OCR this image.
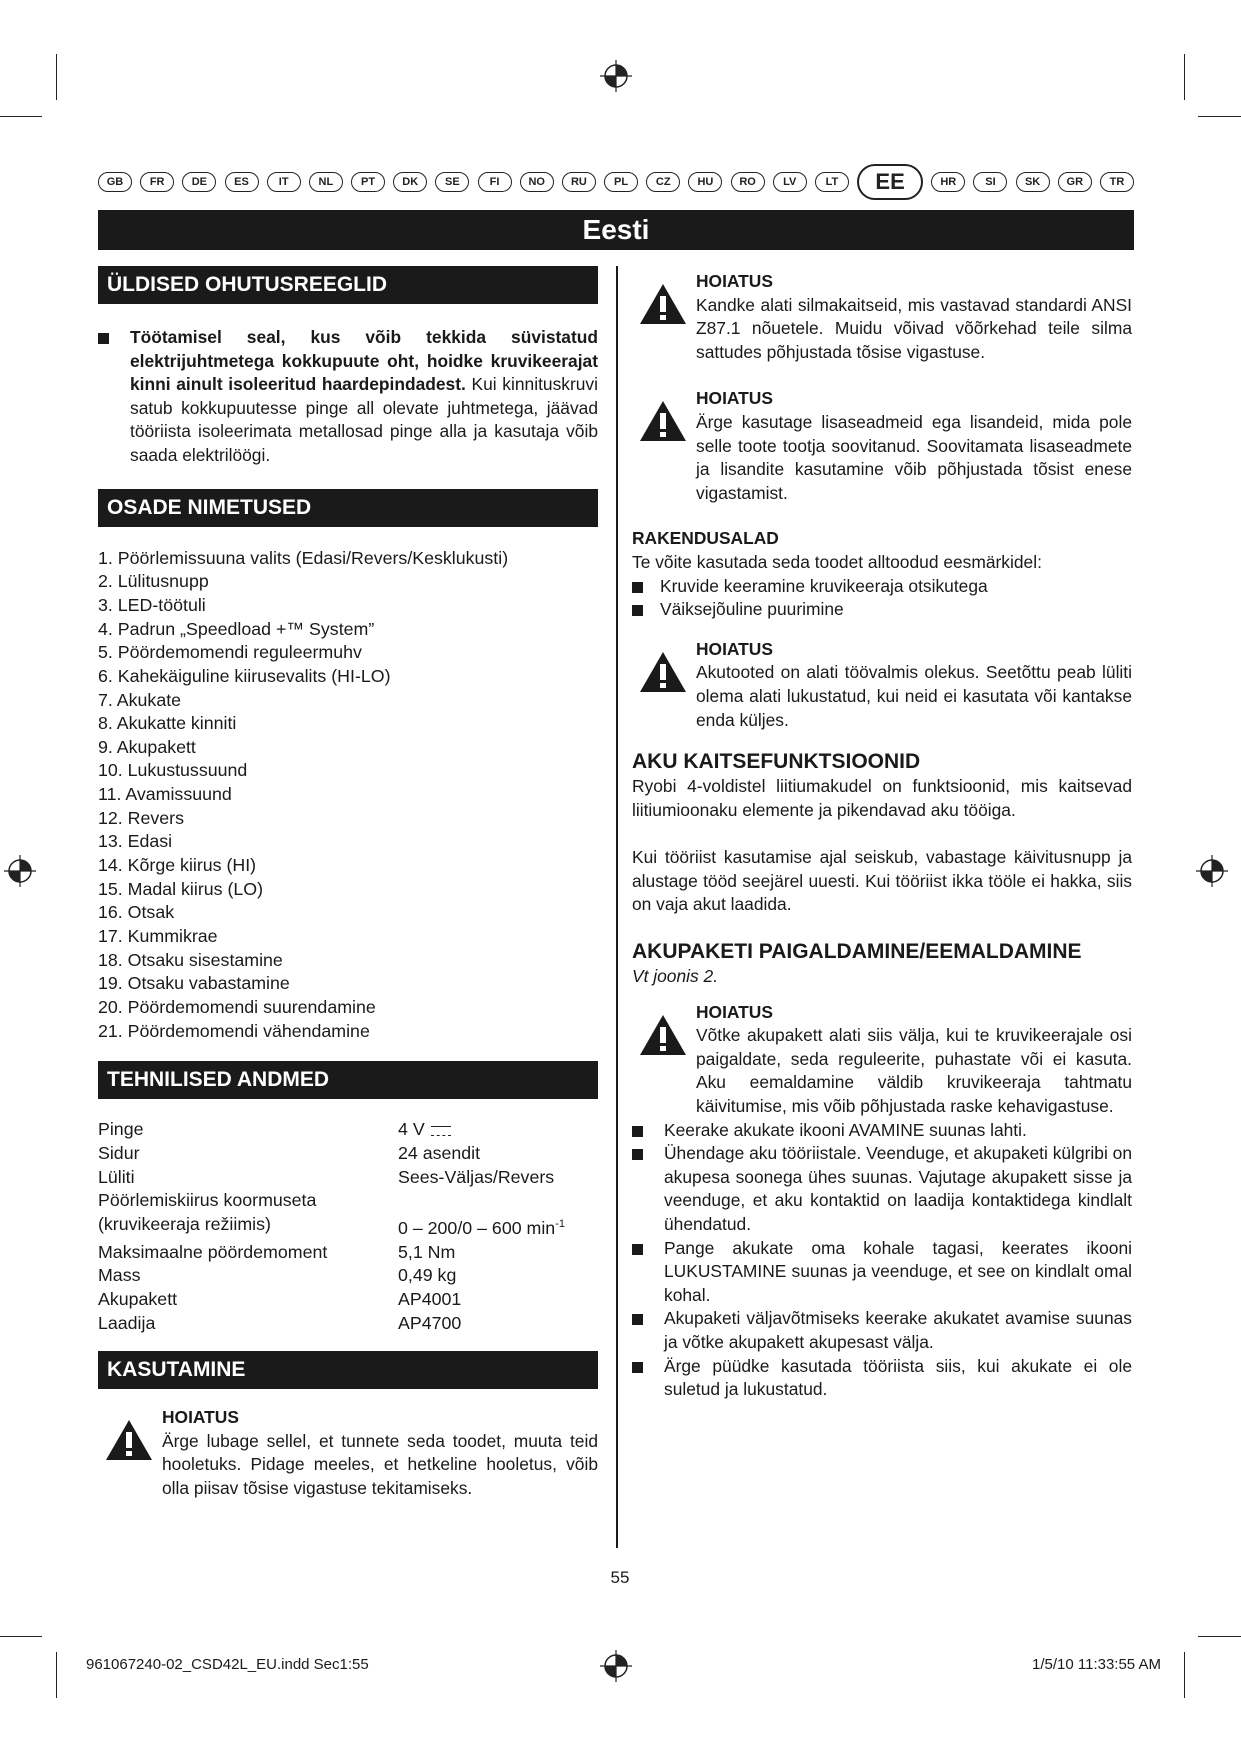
GB	FR	DE	ES	IT	NL	PT	DK	SE	FI	NO	RU	PL	CZ	HU	RO	LV	LT	EE	HR	SI	SK	GR	TR
Eesti
ÜLDISED OHUTUSREEGLID
Töötamisel seal, kus võib tekkida süvistatud elektrijuhtmetega kokkupuute oht, hoidke kruvikeerajat kinni ainult isoleeritud haardepindadest. Kui kinnituskruvi satub kokkupuutesse pinge all olevate juhtmetega, jäävad tööriista isoleerimata metallosad pinge alla ja kasutaja võib saada elektrilöögi.
OSADE NIMETUSED
1. Pöörlemissuuna valits (Edasi/Revers/Kesklukusti)
2. Lülitusnupp
3. LED-töötuli
4. Padrun „Speedload +™ System”
5. Pöördemomendi reguleermuhv
6. Kahekäiguline kiirusevalits (HI-LO)
7. Akukate
8. Akukatte kinniti
9. Akupakett
10. Lukustussuund
11. Avamissuund
12. Revers
13. Edasi
14. Kõrge kiirus (HI)
15. Madal kiirus (LO)
16. Otsak
17. Kummikrae
18. Otsaku sisestamine
19. Otsaku vabastamine
20. Pöördemomendi suurendamine
21. Pöördemomendi vähendamine
TEHNILISED ANDMED
Pinge	4 V
Sidur	24 asendit
Lüliti	Sees-Väljas/Revers
Pöörlemiskiirus koormuseta	
(kruvikeeraja režiimis)	0 – 200/0 – 600 $\min^{-1}$
Maksimaalne pöördemoment	5,1 Nm
Mass	0,49 kg
Akupakett	AP4001
Laadija	AP4700
KASUTAMINE
HOIATUS
Ärge lubage sellel, et tunnete seda toodet, muuta teid hooletuks. Pidage meeles, et hetkeline hooletus, võib olla piisav tõsise vigastuse tekitamiseks.
HOIATUS
Kandke alati silmakaitseid, mis vastavad standardi ANSI Z87.1 nõuetele. Muidu võivad võõrkehad teile silma sattudes põhjustada tõsise vigastuse.
HOIATUS
Ärge kasutage lisaseadmeid ega lisandeid, mida pole selle toote tootja soovitanud. Soovitamata lisaseadmete ja lisandite kasutamine võib põhjustada tõsist enese vigastamist.
RAKENDUSALAD
Te võite kasutada seda toodet alltoodud eesmärkidel:
Kruvide keeramine kruvikeeraja otsikutega
Väiksejõuline puurimine
HOIATUS
Akutooted on alati töövalmis olekus. Seetõttu peab lüliti olema alati lukustatud, kui neid ei kasutata või kantakse enda küljes.
AKU KAITSEFUNKTSIOONID
Ryobi 4-voldistel liitiumakudel on funktsioonid, mis kaitsevad liitiumioonaku elemente ja pikendavad aku tööiga.
Kui tööriist kasutamise ajal seiskub, vabastage käivitusnupp ja alustage tööd seejärel uuesti. Kui tööriist ikka tööle ei hakka, siis on vaja akut laadida.
AKUPAKETI PAIGALDAMINE/EEMALDAMINE
Vt joonis 2.
HOIATUS
Võtke akupakett alati siis välja, kui te kruvikeerajale osi paigaldate, seda reguleerite, puhastate või ei kasuta. Aku eemaldamine väldib kruvikeeraja tahtmatu käivitumise, mis võib põhjustada raske kehavigastuse.
Keerake akukate ikooni AVAMINE suunas lahti.
Ühendage aku tööriistale. Veenduge, et akupaketi külgribi on akupesa soonega ühes suunas. Vajutage akupakett sisse ja veenduge, et aku kontaktid on laadija kontaktidega kindlalt ühendatud.
Pange akukate oma kohale tagasi, keerates ikooni LUKUSTAMINE suunas ja veenduge, et see on kindlalt omal kohal.
Akupaketi väljavõtmiseks keerake akukatet avamise suunas ja võtke akupakett akupesast välja.
Ärge püüdke kasutada tööriista siis, kui akukate ei ole suletud ja lukustatud.
55
961067240-02_CSD42L_EU.indd Sec1:55	1/5/10 11:33:55 AM
